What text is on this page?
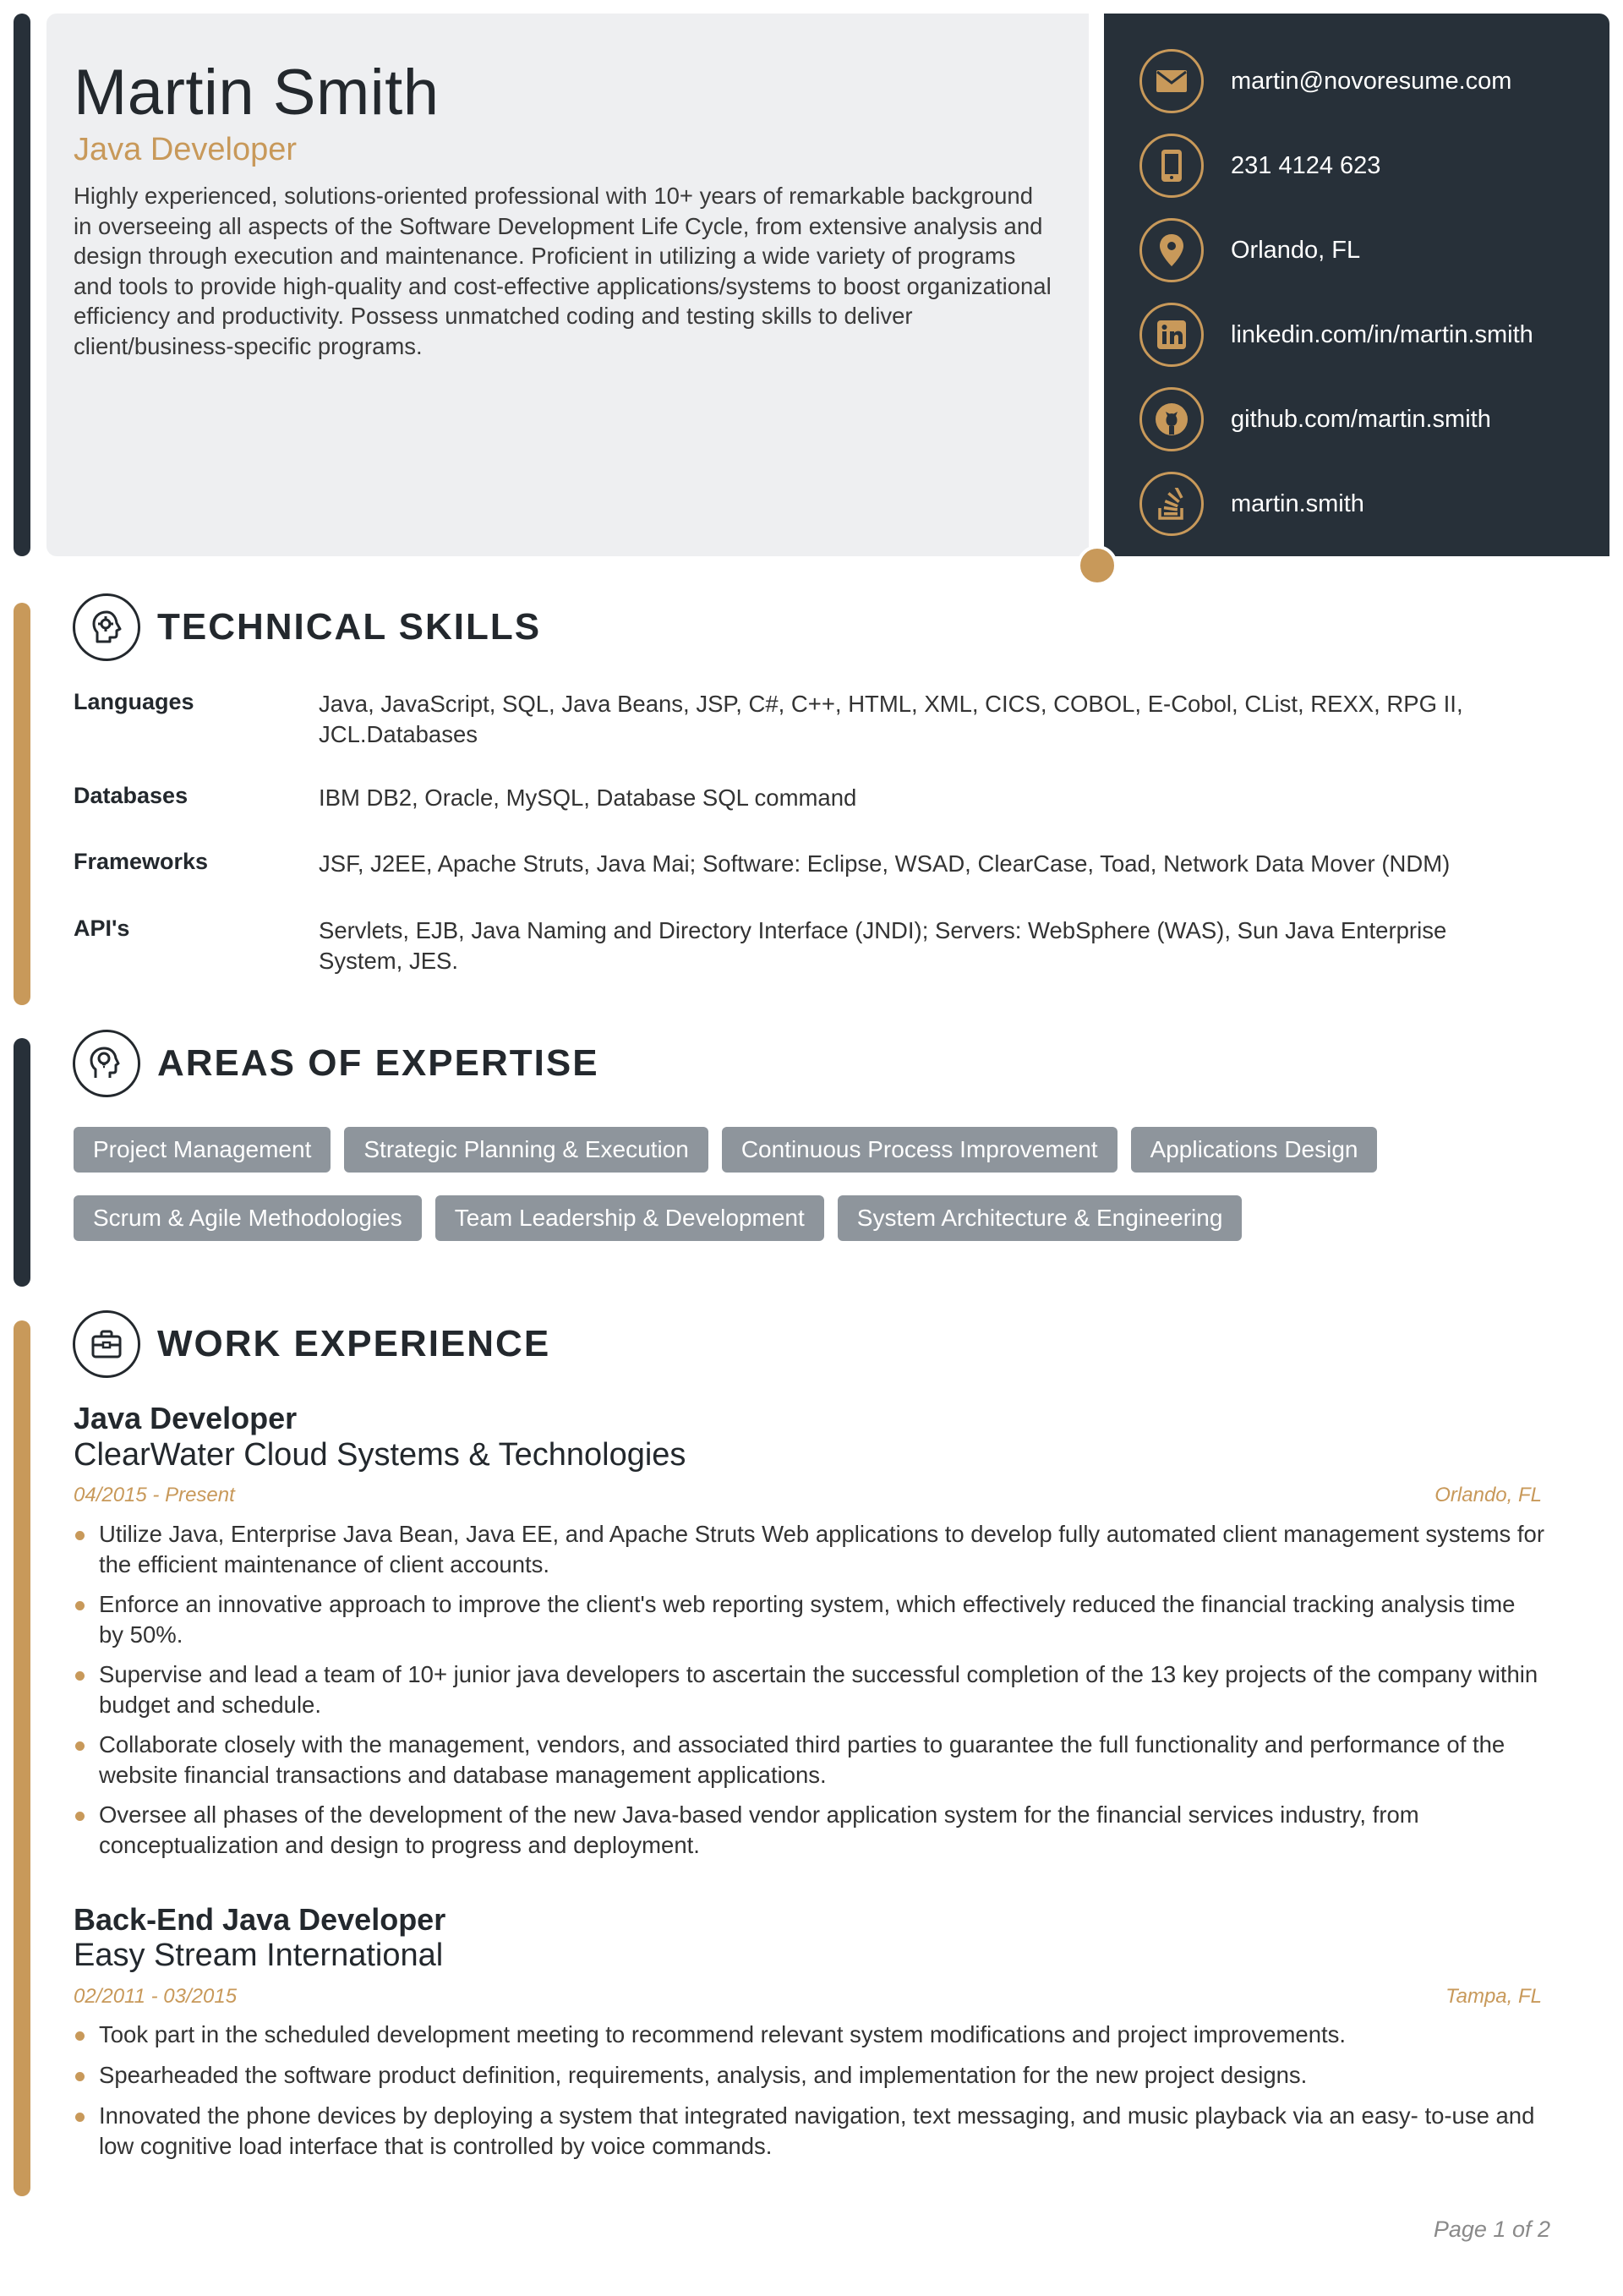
Martin Smith
Java Developer

Highly experienced, solutions-oriented professional with 10+ years of remarkable background in overseeing all aspects of the Software Development Life Cycle, from extensive analysis and design through execution and maintenance. Proficient in utilizing a wide variety of programs and tools to provide high-quality and cost-effective applications/systems to boost organizational efficiency and productivity. Possess unmatched coding and testing skills to deliver client/business-specific programs.

martin@novoresume.com
231 4124 623
Orlando, FL
linkedin.com/in/martin.smith
github.com/martin.smith
martin.smith
TECHNICAL SKILLS
Languages	Java, JavaScript, SQL, Java Beans, JSP, C#, C++, HTML, XML, CICS, COBOL, E-Cobol, CList, REXX, RPG II, JCL.Databases
Databases	IBM DB2, Oracle, MySQL, Database SQL command
Frameworks	JSF, J2EE, Apache Struts, Java Mai; Software: Eclipse, WSAD, ClearCase, Toad, Network Data Mover (NDM)
API's	Servlets, EJB, Java Naming and Directory Interface (JNDI); Servers: WebSphere (WAS), Sun Java Enterprise System, JES.
AREAS OF EXPERTISE
Project Management	Strategic Planning & Execution	Continuous Process Improvement	Applications Design
Scrum & Agile Methodologies	Team Leadership & Development	System Architecture & Engineering
WORK EXPERIENCE
Java Developer
ClearWater Cloud Systems & Technologies
04/2015 - Present	Orlando, FL
Utilize Java, Enterprise Java Bean, Java EE, and Apache Struts Web applications to develop fully automated client management systems for the efficient maintenance of client accounts.
Enforce an innovative approach to improve the client's web reporting system, which effectively reduced the financial tracking analysis time by 50%.
Supervise and lead a team of 10+ junior java developers to ascertain the successful completion of the 13 key projects of the company within budget and schedule.
Collaborate closely with the management, vendors, and associated third parties to guarantee the full functionality and performance of the website financial transactions and database management applications.
Oversee all phases of the development of the new Java-based vendor application system for the financial services industry, from conceptualization and design to progress and deployment.
Back-End Java Developer
Easy Stream International
02/2011 - 03/2015	Tampa, FL
Took part in the scheduled development meeting to recommend relevant system modifications and project improvements.
Spearheaded the software product definition, requirements, analysis, and implementation for the new project designs.
Innovated the phone devices by deploying a system that integrated navigation, text messaging, and music playback via an easy- to-use and low cognitive load interface that is controlled by voice commands.
Page 1 of 2
